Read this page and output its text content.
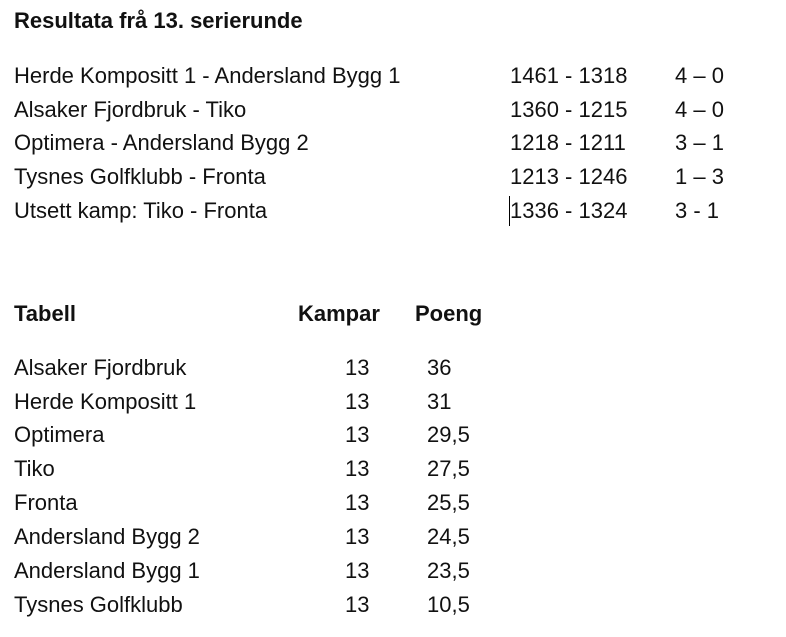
Resultata frå 13. serierunde
Herde Kompositt 1 - Andersland Bygg 1	1461 - 1318 4 – 0
Alsaker Fjordbruk - Tiko	1360 - 1215 4 – 0
Optimera - Andersland Bygg 2	1218 - 1211 3 – 1
Tysnes Golfklubb - Fronta	1213 - 1246 1 – 3
Utsett kamp: Tiko - Fronta	1336 - 1324 3 - 1
Tabell	Kampar Poeng
Alsaker Fjordbruk	13	36
Herde Kompositt 1	13	31
Optimera	13	29,5
Tiko	13	27,5
Fronta	13	25,5
Andersland Bygg 2	13	24,5
Andersland Bygg 1	13	23,5
Tysnes Golfklubb	13	10,5
